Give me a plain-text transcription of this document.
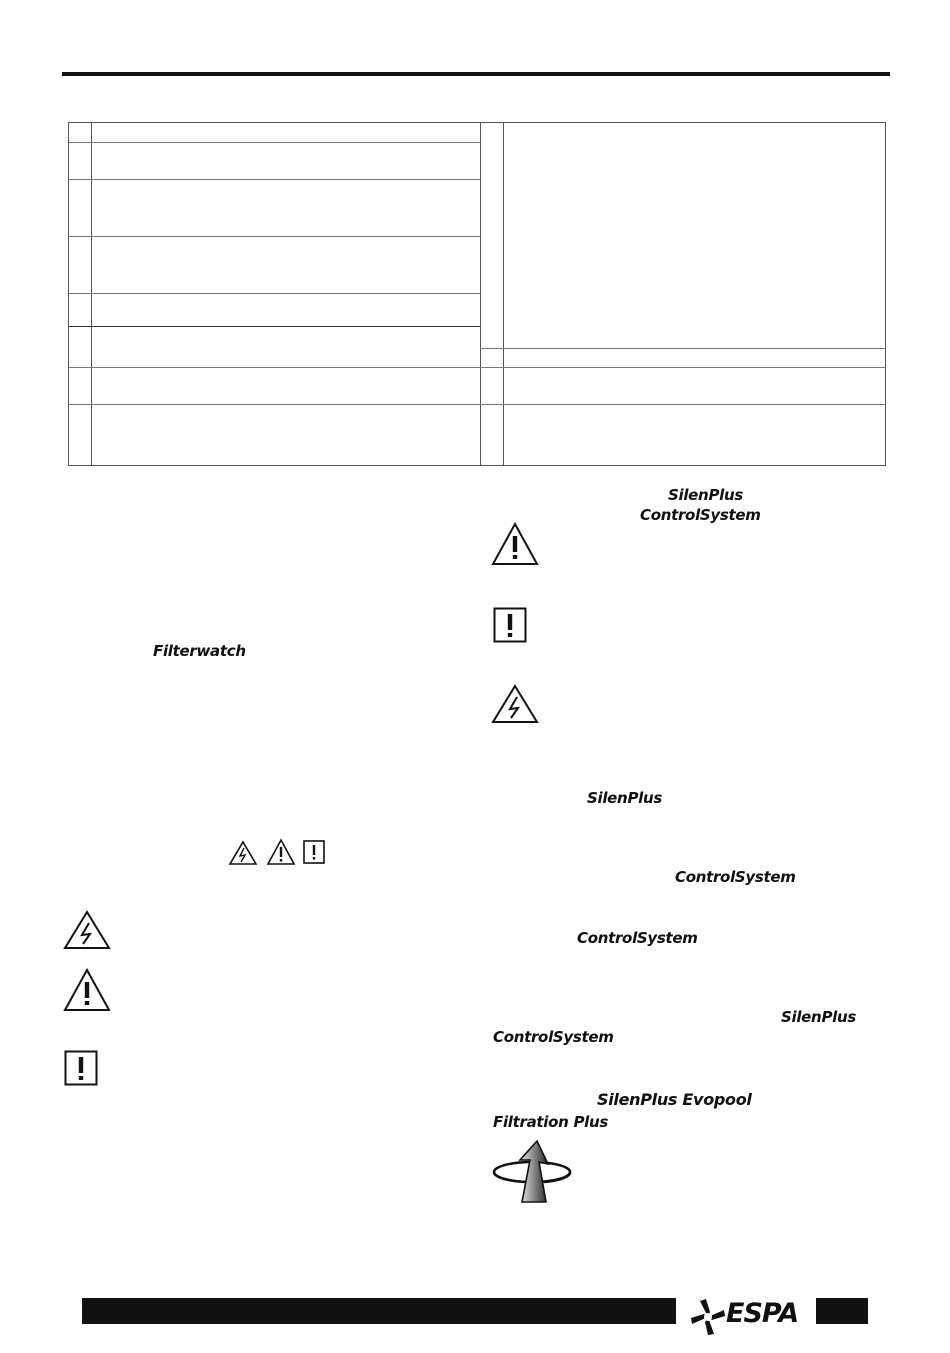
Filterwatch
SilenPlus
ControlSystem
SilenPlus
ControlSystem
ControlSystem
SilenPlus
ControlSystem
SilenPlus Evopool
Filtration Plus
ESPA
